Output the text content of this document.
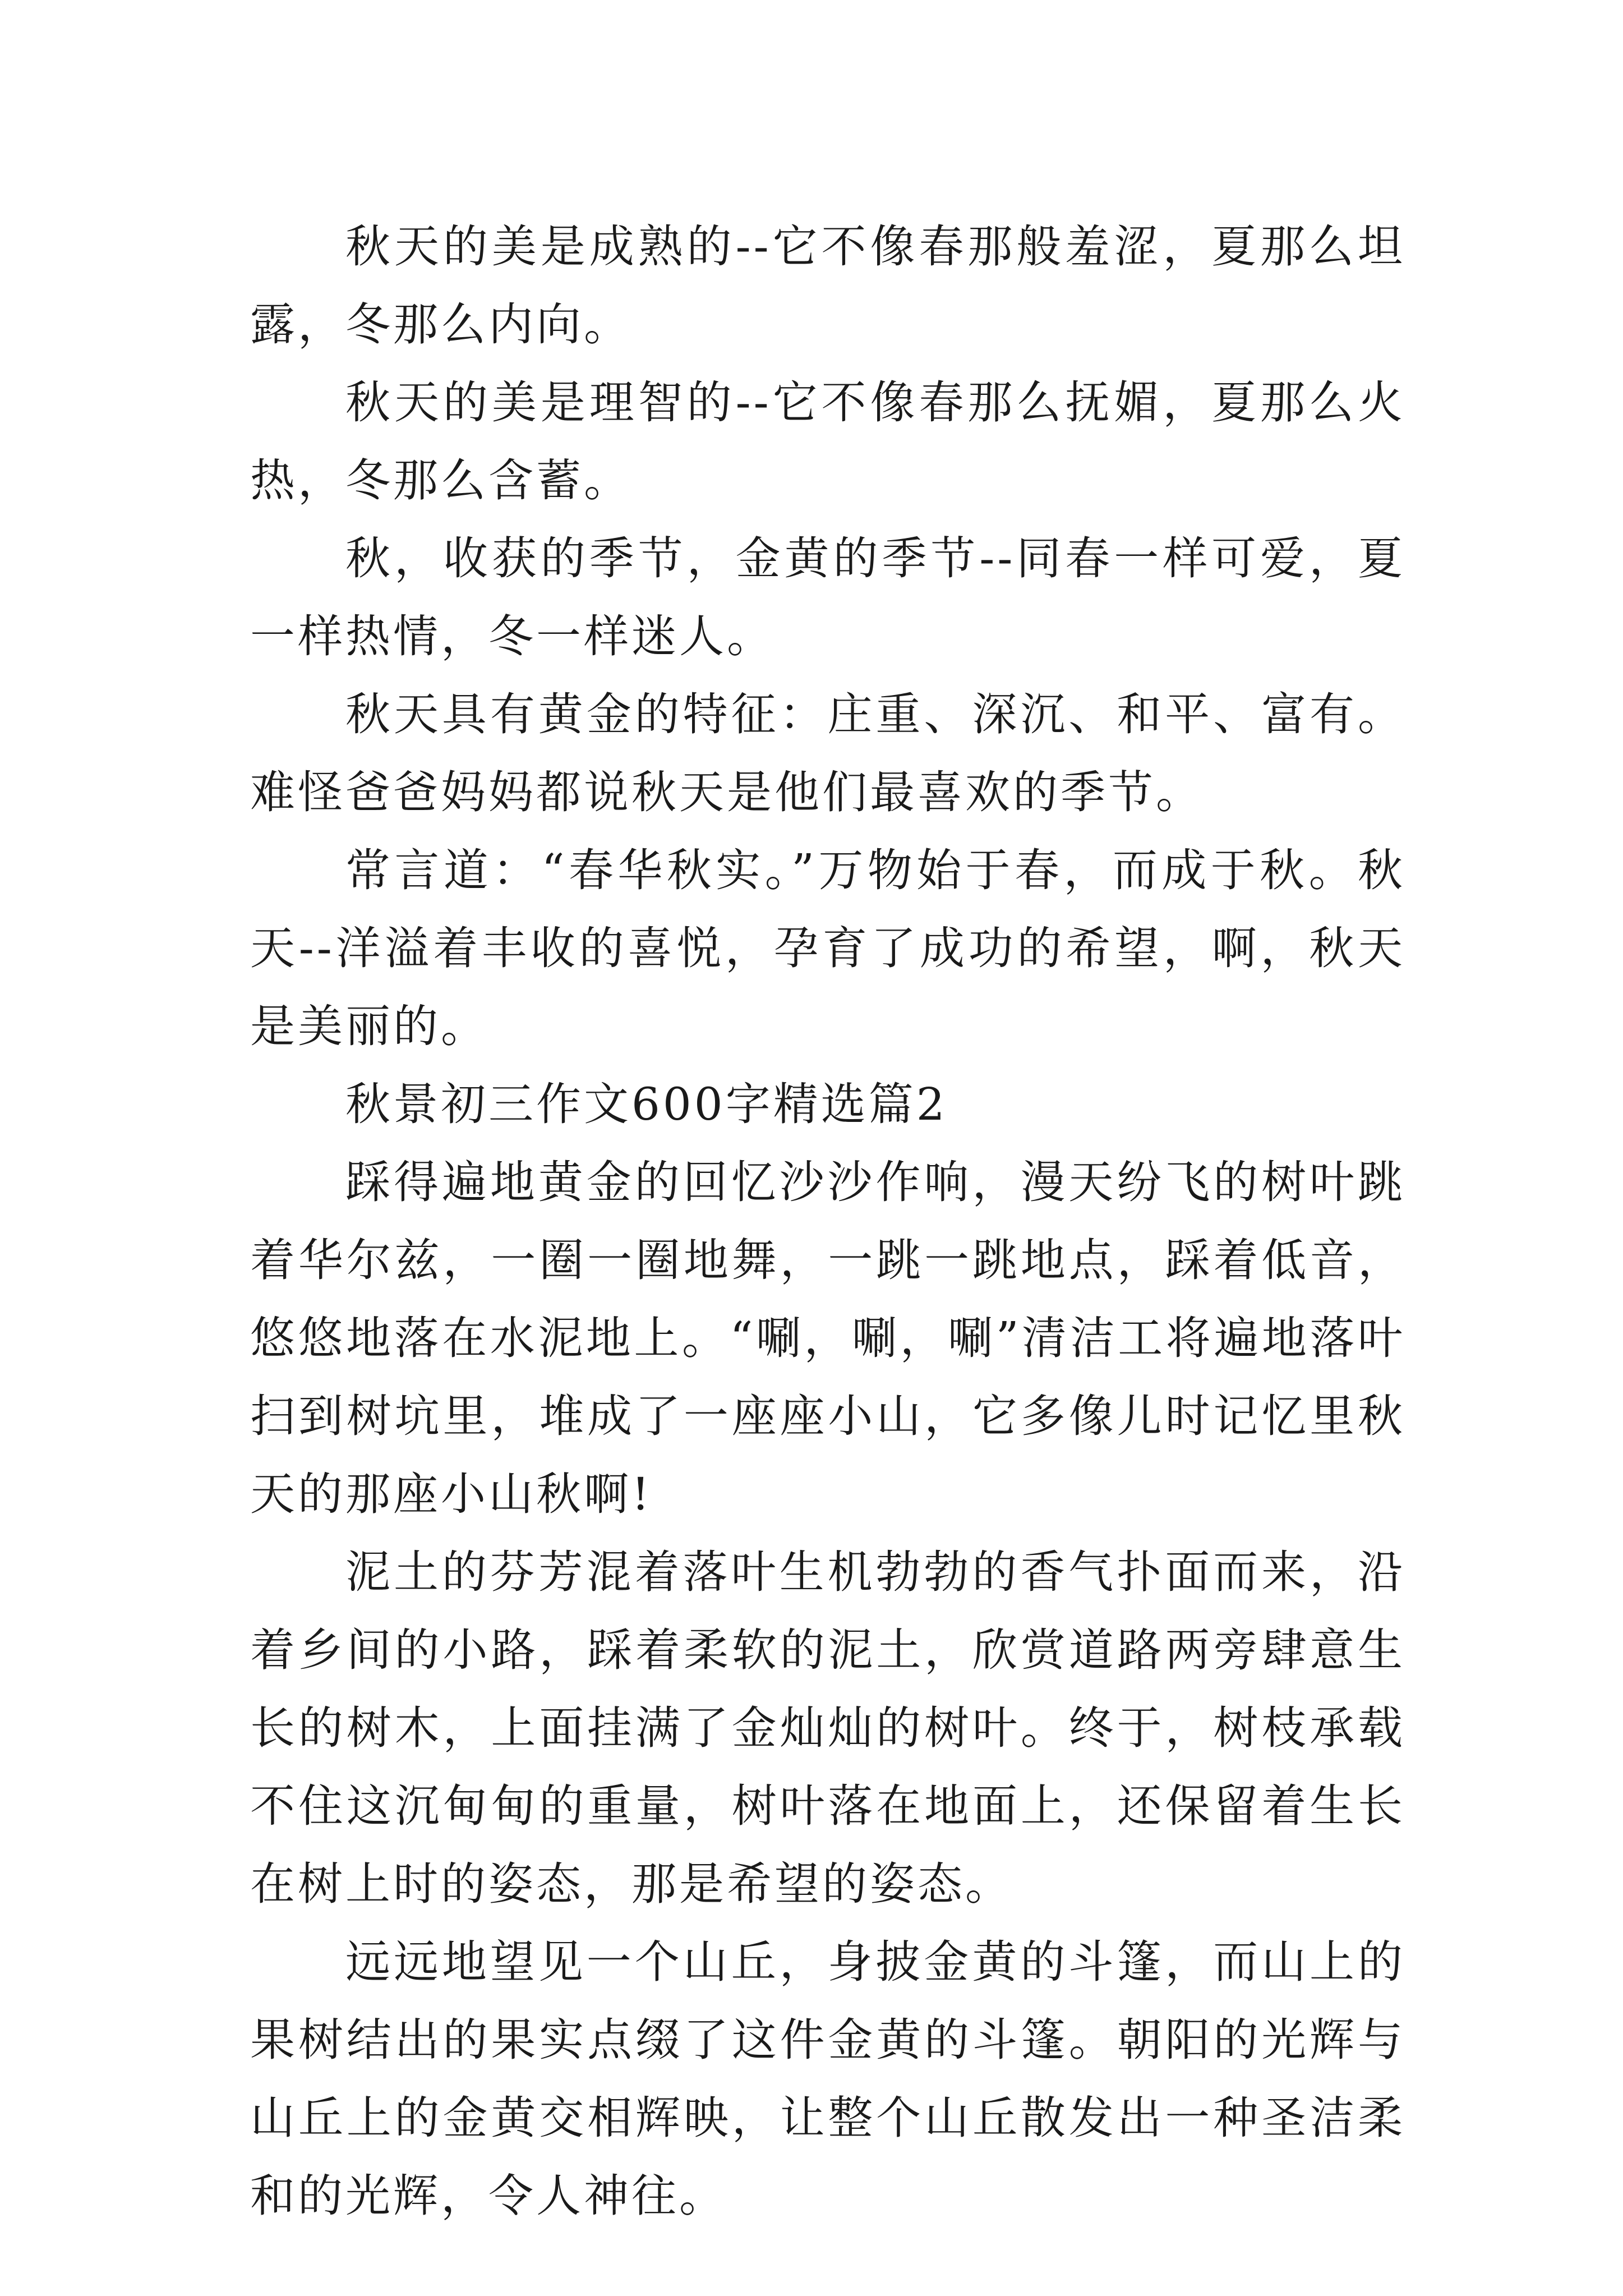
秋天的美是成熟的--它不像春那般羞涩，夏那么坦露，冬那么内向。

秋天的美是理智的--它不像春那么抚媚，夏那么火热，冬那么含蓄。

秋，收获的季节，金黄的季节--同春一样可爱，夏一样热情，冬一样迷人。

秋天具有黄金的特征：庄重、深沉、和平、富有。难怪爸爸妈妈都说秋天是他们最喜欢的季节。

常言道：“春华秋实。”万物始于春，而成于秋。秋天--洋溢着丰收的喜悦，孕育了成功的希望，啊，秋天是美丽的。

秋景初三作文600字精选篇2

踩得遍地黄金的回忆沙沙作响，漫天纷飞的树叶跳着华尔兹，一圈一圈地舞，一跳一跳地点，踩着低音，悠悠地落在水泥地上。“唰，唰，唰”清洁工将遍地落叶扫到树坑里，堆成了一座座小山，它多像儿时记忆里秋天的那座小山秋啊!

泥土的芬芳混着落叶生机勃勃的香气扑面而来，沿着乡间的小路，踩着柔软的泥土，欣赏道路两旁肆意生长的树木，上面挂满了金灿灿的树叶。终于，树枝承载不住这沉甸甸的重量，树叶落在地面上，还保留着生长在树上时的姿态，那是希望的姿态。

远远地望见一个山丘，身披金黄的斗篷，而山上的果树结出的果实点缀了这件金黄的斗篷。朝阳的光辉与山丘上的金黄交相辉映，让整个山丘散发出一种圣洁柔和的光辉，令人神往。
